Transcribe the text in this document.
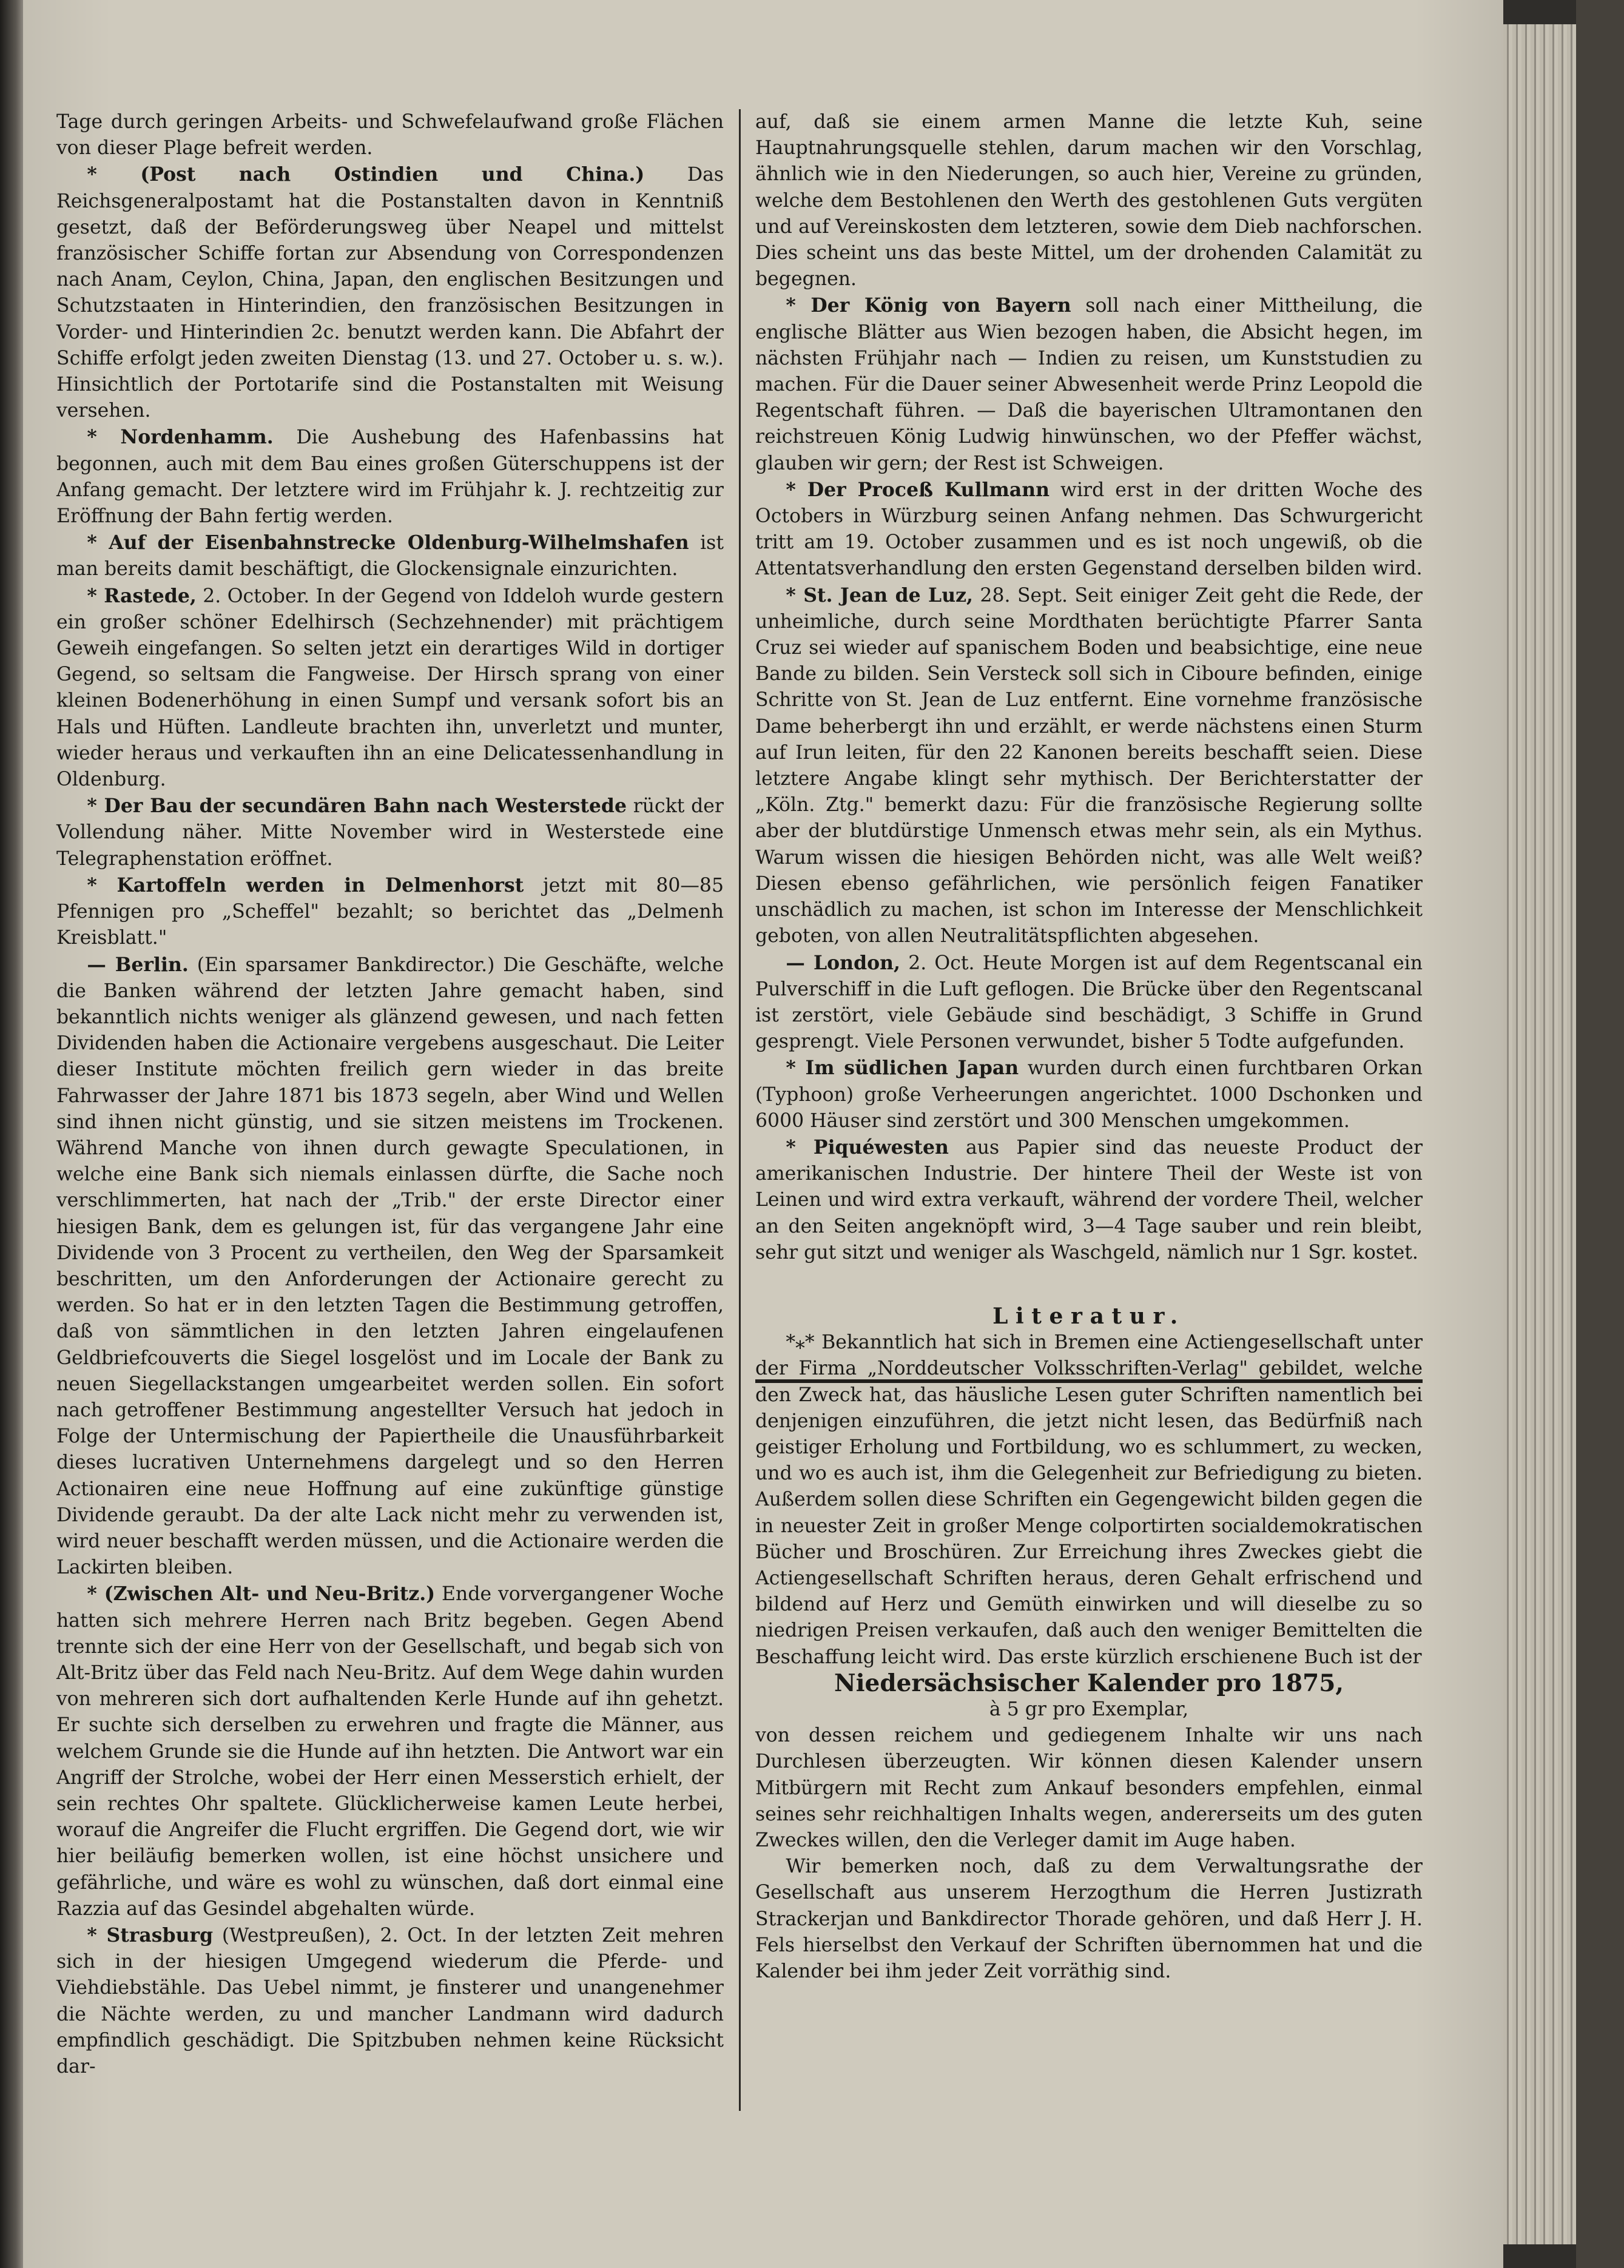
Tage durch geringen Arbeits- und Schwefelaufwand große Flächen von dieser Plage befreit werden.

* (Post nach Ostindien und China.) Das Reichsgeneralpostamt hat die Postanstalten davon in Kenntniß gesetzt, daß der Beförderungsweg über Neapel und mittelst französischer Schiffe fortan zur Absendung von Correspondenzen nach Anam, Ceylon, China, Japan, den englischen Besitzungen und Schutzstaaten in Hinterindien, den französischen Besitzungen in Vorder- und Hinterindien 2c. benutzt werden kann. Die Abfahrt der Schiffe erfolgt jeden zweiten Dienstag (13. und 27. October u. s. w.). Hinsichtlich der Portotarife sind die Postanstalten mit Weisung versehen.

* Nordenhamm. Die Aushebung des Hafenbassins hat begonnen, auch mit dem Bau eines großen Güterschuppens ist der Anfang gemacht. Der letztere wird im Frühjahr k. J. rechtzeitig zur Eröffnung der Bahn fertig werden.

* Auf der Eisenbahnstrecke Oldenburg-Wilhelmshafen ist man bereits damit beschäftigt, die Glockensignale einzurichten.

* Rastede, 2. October. In der Gegend von Iddeloh wurde gestern ein großer schöner Edelhirsch (Sechzehnender) mit prächtigem Geweih eingefangen. So selten jetzt ein derartiges Wild in dortiger Gegend, so seltsam die Fangweise. Der Hirsch sprang von einer kleinen Bodenerhöhung in einen Sumpf und versank sofort bis an Hals und Hüften. Landleute brachten ihn, unverletzt und munter, wieder heraus und verkauften ihn an eine Delicatessenhandlung in Oldenburg.

* Der Bau der secundären Bahn nach Westerstede rückt der Vollendung näher. Mitte November wird in Westerstede eine Telegraphenstation eröffnet.

* Kartoffeln werden in Delmenhorst jetzt mit 80—85 Pfennigen pro „Scheffel" bezahlt; so berichtet das „Delmenh Kreisblatt."

— Berlin. (Ein sparsamer Bankdirector.) Die Geschäfte, welche die Banken während der letzten Jahre gemacht haben, sind bekanntlich nichts weniger als glänzend gewesen, und nach fetten Dividenden haben die Actionaire vergebens ausgeschaut. Die Leiter dieser Institute möchten freilich gern wieder in das breite Fahrwasser der Jahre 1871 bis 1873 segeln, aber Wind und Wellen sind ihnen nicht günstig, und sie sitzen meistens im Trockenen. Während Manche von ihnen durch gewagte Speculationen, in welche eine Bank sich niemals einlassen dürfte, die Sache noch verschlimmerten, hat nach der „Trib." der erste Director einer hiesigen Bank, dem es gelungen ist, für das vergangene Jahr eine Dividende von 3 Procent zu vertheilen, den Weg der Sparsamkeit beschritten, um den Anforderungen der Actionaire gerecht zu werden. So hat er in den letzten Tagen die Bestimmung getroffen, daß von sämmtlichen in den letzten Jahren eingelaufenen Geldbriefcouverts die Siegel losgelöst und im Locale der Bank zu neuen Siegellackstangen umgearbeitet werden sollen. Ein sofort nach getroffener Bestimmung angestellter Versuch hat jedoch in Folge der Untermischung der Papiertheile die Unausführbarkeit dieses lucrativen Unternehmens dargelegt und so den Herren Actionairen eine neue Hoffnung auf eine zukünftige günstige Dividende geraubt. Da der alte Lack nicht mehr zu verwenden ist, wird neuer beschafft werden müssen, und die Actionaire werden die Lackirten bleiben.

* (Zwischen Alt- und Neu-Britz.) Ende vorvergangener Woche hatten sich mehrere Herren nach Britz begeben. Gegen Abend trennte sich der eine Herr von der Gesellschaft, und begab sich von Alt-Britz über das Feld nach Neu-Britz. Auf dem Wege dahin wurden von mehreren sich dort aufhaltenden Kerle Hunde auf ihn gehetzt. Er suchte sich derselben zu erwehren und fragte die Männer, aus welchem Grunde sie die Hunde auf ihn hetzten. Die Antwort war ein Angriff der Strolche, wobei der Herr einen Messerstich erhielt, der sein rechtes Ohr spaltete. Glücklicherweise kamen Leute herbei, worauf die Angreifer die Flucht ergriffen. Die Gegend dort, wie wir hier beiläufig bemerken wollen, ist eine höchst unsichere und gefährliche, und wäre es wohl zu wünschen, daß dort einmal eine Razzia auf das Gesindel abgehalten würde.

* Strasburg (Westpreußen), 2. Oct. In der letzten Zeit mehren sich in der hiesigen Umgegend wiederum die Pferde- und Viehdiebstähle. Das Uebel nimmt, je finsterer und unangenehmer die Nächte werden, zu und mancher Landmann wird dadurch empfindlich geschädigt. Die Spitzbuben nehmen keine Rücksicht dar-

auf, daß sie einem armen Manne die letzte Kuh, seine Hauptnahrungsquelle stehlen, darum machen wir den Vorschlag, ähnlich wie in den Niederungen, so auch hier, Vereine zu gründen, welche dem Bestohlenen den Werth des gestohlenen Guts vergüten und auf Vereinskosten dem letzteren, sowie dem Dieb nachforschen. Dies scheint uns das beste Mittel, um der drohenden Calamität zu begegnen.

* Der König von Bayern soll nach einer Mittheilung, die englische Blätter aus Wien bezogen haben, die Absicht hegen, im nächsten Frühjahr nach — Indien zu reisen, um Kunststudien zu machen. Für die Dauer seiner Abwesenheit werde Prinz Leopold die Regentschaft führen. — Daß die bayerischen Ultramontanen den reichstreuen König Ludwig hinwünschen, wo der Pfeffer wächst, glauben wir gern; der Rest ist Schweigen.

* Der Proceß Kullmann wird erst in der dritten Woche des Octobers in Würzburg seinen Anfang nehmen. Das Schwurgericht tritt am 19. October zusammen und es ist noch ungewiß, ob die Attentatsverhandlung den ersten Gegenstand derselben bilden wird.

* St. Jean de Luz, 28. Sept. Seit einiger Zeit geht die Rede, der unheimliche, durch seine Mordthaten berüchtigte Pfarrer Santa Cruz sei wieder auf spanischem Boden und beabsichtige, eine neue Bande zu bilden. Sein Versteck soll sich in Ciboure befinden, einige Schritte von St. Jean de Luz entfernt. Eine vornehme französische Dame beherbergt ihn und erzählt, er werde nächstens einen Sturm auf Irun leiten, für den 22 Kanonen bereits beschafft seien. Diese letztere Angabe klingt sehr mythisch. Der Berichterstatter der „Köln. Ztg." bemerkt dazu: Für die französische Regierung sollte aber der blutdürstige Unmensch etwas mehr sein, als ein Mythus. Warum wissen die hiesigen Behörden nicht, was alle Welt weiß? Diesen ebenso gefährlichen, wie persönlich feigen Fanatiker unschädlich zu machen, ist schon im Interesse der Menschlichkeit geboten, von allen Neutralitätspflichten abgesehen.

— London, 2. Oct. Heute Morgen ist auf dem Regentscanal ein Pulverschiff in die Luft geflogen. Die Brücke über den Regentscanal ist zerstört, viele Gebäude sind beschädigt, 3 Schiffe in Grund gesprengt. Viele Personen verwundet, bisher 5 Todte aufgefunden.

* Im südlichen Japan wurden durch einen furchtbaren Orkan (Typhoon) große Verheerungen angerichtet. 1000 Dschonken und 6000 Häuser sind zerstört und 300 Menschen umgekommen.

* Piquéwesten aus Papier sind das neueste Product der amerikanischen Industrie. Der hintere Theil der Weste ist von Leinen und wird extra verkauft, während der vordere Theil, welcher an den Seiten angeknöpft wird, 3—4 Tage sauber und rein bleibt, sehr gut sitzt und weniger als Waschgeld, nämlich nur 1 Sgr. kostet.

Literatur.

*⁎* Bekanntlich hat sich in Bremen eine Actiengesellschaft unter der Firma „Norddeutscher Volksschriften-Verlag" gebildet, welche den Zweck hat, das häusliche Lesen guter Schriften namentlich bei denjenigen einzuführen, die jetzt nicht lesen, das Bedürfniß nach geistiger Erholung und Fortbildung, wo es schlummert, zu wecken, und wo es auch ist, ihm die Gelegenheit zur Befriedigung zu bieten. Außerdem sollen diese Schriften ein Gegengewicht bilden gegen die in neuester Zeit in großer Menge colportirten socialdemokratischen Bücher und Broschüren. Zur Erreichung ihres Zweckes giebt die Actiengesellschaft Schriften heraus, deren Gehalt erfrischend und bildend auf Herz und Gemüth einwirken und will dieselbe zu so niedrigen Preisen verkaufen, daß auch den weniger Bemittelten die Beschaffung leicht wird. Das erste kürzlich erschienene Buch ist der

Niedersächsischer Kalender pro 1875,

à 5 gr pro Exemplar,

von dessen reichem und gediegenem Inhalte wir uns nach Durchlesen überzeugten. Wir können diesen Kalender unsern Mitbürgern mit Recht zum Ankauf besonders empfehlen, einmal seines sehr reichhaltigen Inhalts wegen, andererseits um des guten Zweckes willen, den die Verleger damit im Auge haben.

Wir bemerken noch, daß zu dem Verwaltungsrathe der Gesellschaft aus unserem Herzogthum die Herren Justizrath Strackerjan und Bankdirector Thorade gehören, und daß Herr J. H. Fels hierselbst den Verkauf der Schriften übernommen hat und die Kalender bei ihm jeder Zeit vorräthig sind.
